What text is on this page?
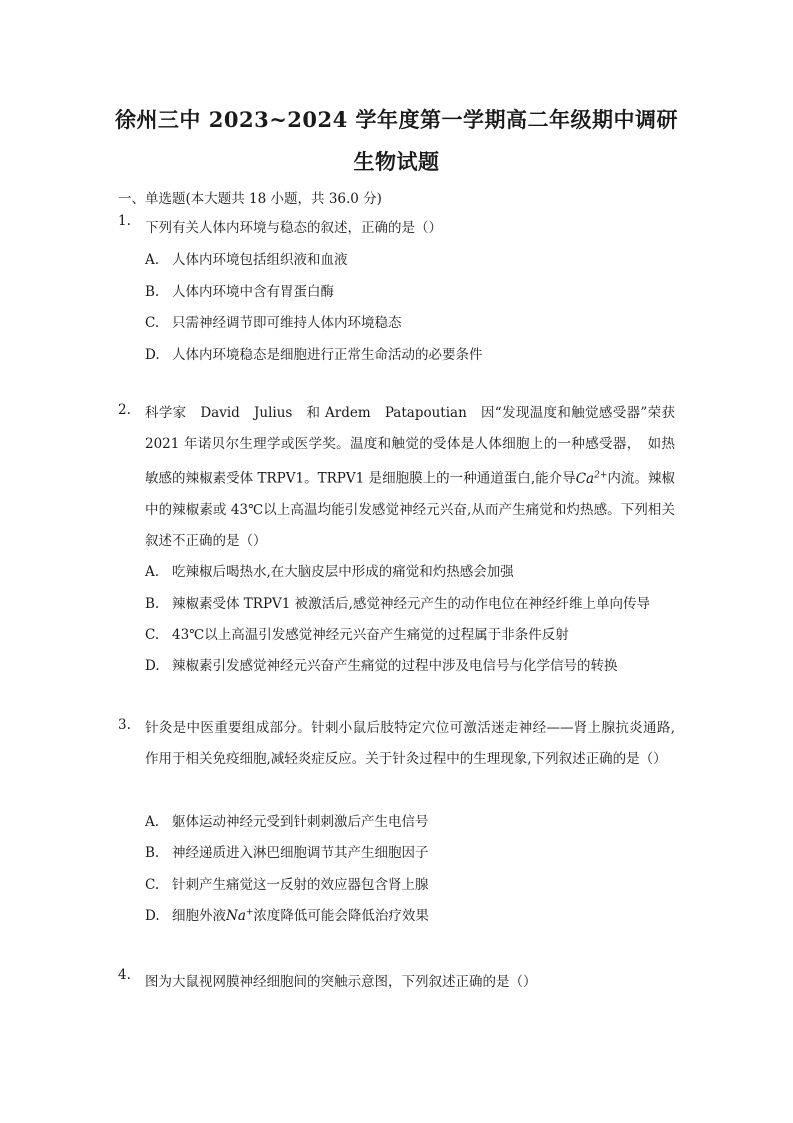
徐州三中 2023~2024 学年度第一学期高二年级期中调研
生物试题
一、单选题(本大题共 18 小题，共 36.0 分)
1. 下列有关人体内环境与稳态的叙述，正确的是（）
A. 人体内环境包括组织液和血液
B. 人体内环境中含有胃蛋白酶
C. 只需神经调节即可维持人体内环境稳态
D. 人体内环境稳态是细胞进行正常生命活动的必要条件
2. 科学家　David　Julius　和 Ardem　Patapoutian　因“发现温度和触觉感受器”荣获 2021 年诺贝尔生理学或医学奖。温度和触觉的受体是人体细胞上的一种感受器，　如热敏感的辣椒素受体 TRPV1。TRPV1 是细胞膜上的一种通道蛋白,能介导$Ca^{2+}$内流。辣椒中的辣椒素或 43℃以上高温均能引发感觉神经元兴奋,从而产生痛觉和灼热感。下列相关叙述不正确的是（）
A. 吃辣椒后喝热水,在大脑皮层中形成的痛觉和灼热感会加强
B. 辣椒素受体 TRPV1 被激活后,感觉神经元产生的动作电位在神经纤维上单向传导
C. 43℃以上高温引发感觉神经元兴奋产生痛觉的过程属于非条件反射
D. 辣椒素引发感觉神经元兴奋产生痛觉的过程中涉及电信号与化学信号的转换
3. 针灸是中医重要组成部分。针刺小鼠后肢特定穴位可激活迷走神经——肾上腺抗炎通路,作用于相关免疫细胞,减轻炎症反应。关于针灸过程中的生理现象,下列叙述正确的是（）
A. 躯体运动神经元受到针刺刺激后产生电信号
B. 神经递质进入淋巴细胞调节其产生细胞因子
C. 针刺产生痛觉这一反射的效应器包含肾上腺
D. 细胞外液Na+浓度降低可能会降低治疗效果
4. 图为大鼠视网膜神经细胞间的突触示意图，下列叙述正确的是（）
